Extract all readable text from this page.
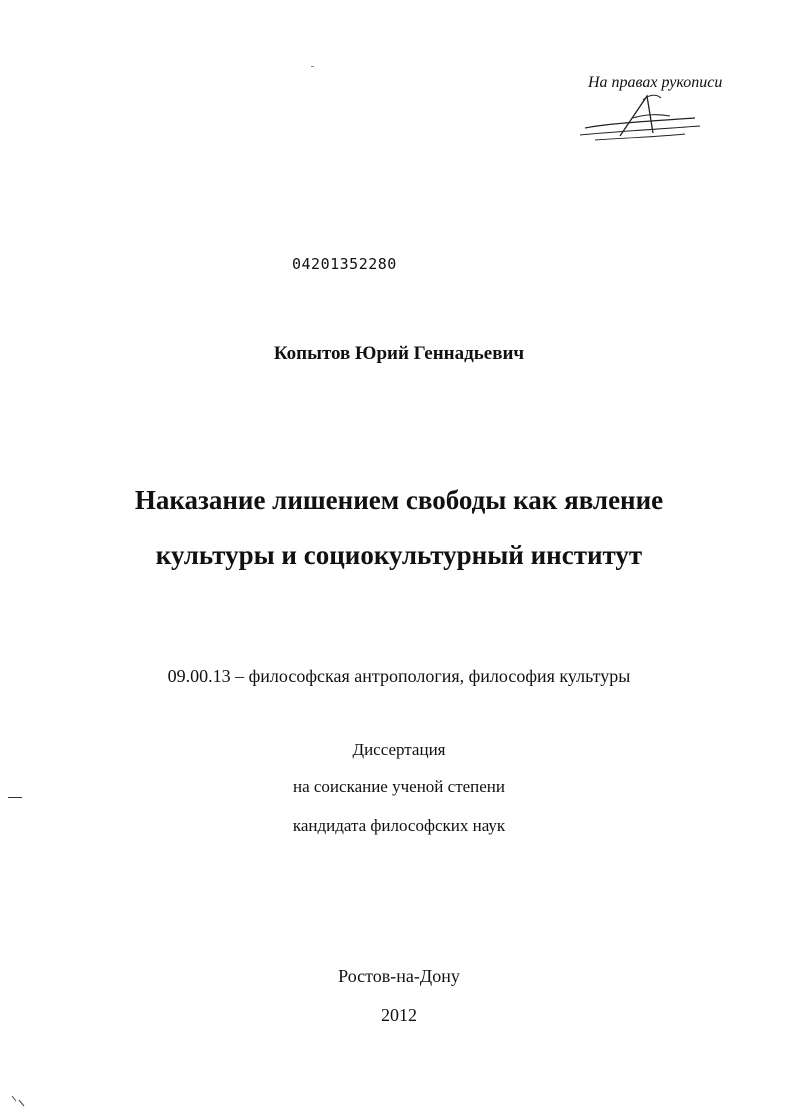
На правах рукописи
04201352280
Копытов Юрий Геннадьевич
Наказание лишением свободы как явление
культуры и социокультурный институт
09.00.13 – философская антропология, философия культуры
Диссертация
на соискание ученой степени
кандидата философских наук
Ростов-на-Дону
2012
